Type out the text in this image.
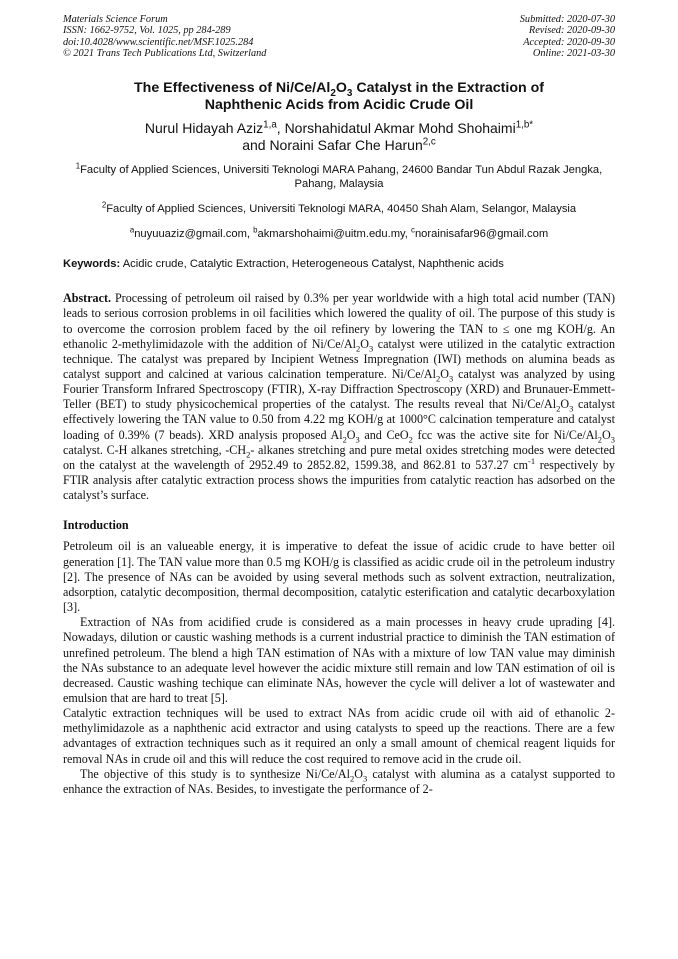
Materials Science Forum
ISSN: 1662-9752, Vol. 1025, pp 284-289
doi:10.4028/www.scientific.net/MSF.1025.284
© 2021 Trans Tech Publications Ltd, Switzerland
Submitted: 2020-07-30
Revised: 2020-09-30
Accepted: 2020-09-30
Online: 2021-03-30
The Effectiveness of $Ni/Ce/Al_2O_3$ Catalyst in the Extraction of
Naphthenic Acids from Acidic Crude Oil
Nurul Hidayah Aziz$^{1,a}$, Norshahidatul Akmar Mohd Shohaimi$^{1,b*}$
and Noraini Safar Che Harun$^{2,c}$
$^1$Faculty of Applied Sciences, Universiti Teknologi MARA Pahang, 24600 Bandar Tun Abdul Razak Jengka, Pahang, Malaysia
$^2$Faculty of Applied Sciences, Universiti Teknologi MARA, 40450 Shah Alam, Selangor, Malaysia
$^a$nuyuuaziz@gmail.com, $^b$akmarshohaimi@uitm.edu.my, $^c$norainisafar96@gmail.com
Keywords: Acidic crude, Catalytic Extraction, Heterogeneous Catalyst, Naphthenic acids
Abstract. Processing of petroleum oil raised by 0.3% per year worldwide with a high total acid number (TAN) leads to serious corrosion problems in oil facilities which lowered the quality of oil. The purpose of this study is to overcome the corrosion problem faced by the oil refinery by lowering the TAN to ≤ one mg KOH/g. An ethanolic 2-methylimidazole with the addition of $Ni/Ce/Al_2O_3$ catalyst were utilized in the catalytic extraction technique. The catalyst was prepared by Incipient Wetness Impregnation (IWI) methods on alumina beads as catalyst support and calcined at various calcination temperature. $Ni/Ce/Al_2O_3$ catalyst was analyzed by using Fourier Transform Infrared Spectroscopy (FTIR), X-ray Diffraction Spectroscopy (XRD) and Brunauer-Emmett-Teller (BET) to study physicochemical properties of the catalyst. The results reveal that $Ni/Ce/Al_2O_3$ catalyst effectively lowering the TAN value to 0.50 from 4.22 mg KOH/g at 1000°C calcination temperature and catalyst loading of 0.39% (7 beads). XRD analysis proposed $Al_2O_3$ and CeO$_2$ fcc was the active site for $Ni/Ce/Al_2O_3$ catalyst. C-H alkanes stretching, $-CH_2-$ alkanes stretching and pure metal oxides stretching modes were detected on the catalyst at the wavelength of 2952.49 to 2852.82, 1599.38, and 862.81 to 537.27 $cm^{-1}$ respectively by FTIR analysis after catalytic extraction process shows the impurities from catalytic reaction has adsorbed on the catalyst’s surface.
Introduction

Petroleum oil is an valueable energy, it is imperative to defeat the issue of acidic crude to have better oil generation [1]. The TAN value more than 0.5 mg KOH/g is classified as acidic crude oil in the petroleum industry [2]. The presence of NAs can be avoided by using several methods such as solvent extraction, neutralization, adsorption, catalytic decomposition, thermal decomposition, catalytic esterification and catalytic decarboxylation [3].

Extraction of NAs from acidified crude is considered as a main processes in heavy crude uprading [4]. Nowadays, dilution or caustic washing methods is a current industrial practice to diminish the TAN estimation of unrefined petroleum. The blend a high TAN estimation of NAs with a mixture of low TAN value may diminish the NAs substance to an adequate level however the acidic mixture still remain and low TAN estimation of oil is decreased. Caustic washing techique can eliminate NAs, however the cycle will deliver a lot of wastewater and emulsion that are hard to treat [5].

Catalytic extraction techniques will be used to extract NAs from acidic crude oil with aid of ethanolic 2-methylimidazole as a naphthenic acid extractor and using catalysts to speed up the reactions. There are a few advantages of extraction techniques such as it required an only a small amount of chemical reagent liquids for removal NAs in crude oil and this will reduce the cost required to remove acid in the crude oil.

The objective of this study is to synthesize $Ni/Ce/Al_2O_3$ catalyst with alumina as a catalyst supported to enhance the extraction of NAs. Besides, to investigate the performance of 2-
